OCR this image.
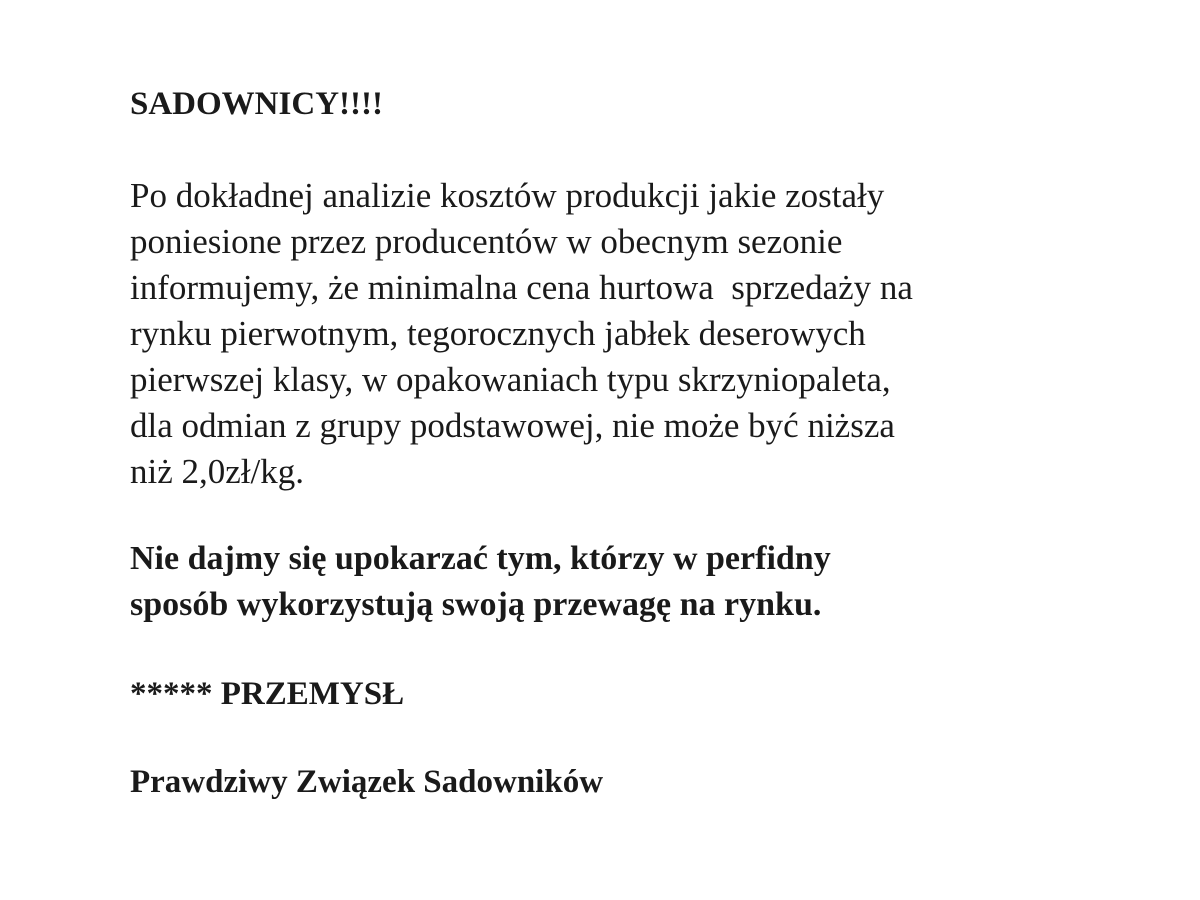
SADOWNICY!!!!

Po dokładnej analizie kosztów produkcji jakie zostały
poniesione przez producentów w obecnym sezonie
informujemy, że minimalna cena hurtowa  sprzedaży na
rynku pierwotnym, tegorocznych jabłek deserowych
pierwszej klasy, w opakowaniach typu skrzyniopaleta,
dla odmian z grupy podstawowej, nie może być niższa
niż 2,0zł/kg.

Nie dajmy się upokarzać tym, którzy w perfidny
sposób wykorzystują swoją przewagę na rynku.

***** PRZEMYSŁ

Prawdziwy Związek Sadowników
